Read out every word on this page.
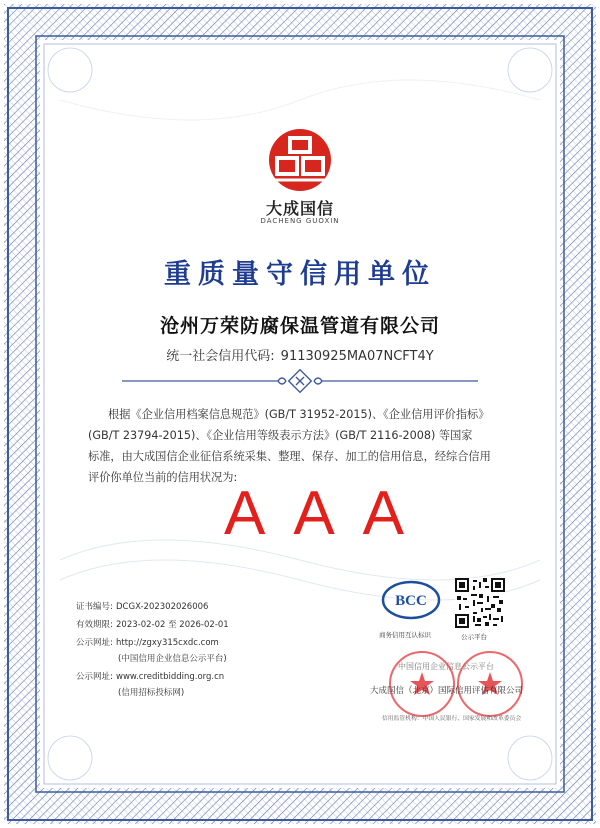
大成国信
DACHENG GUOXIN
重质量守信用单位
沧州万荣防腐保温管道有限公司
统一社会信用代码: 91130925MA07NCFT4Y
根据《企业信用档案信息规范》(GB/T 31952-2015)、《企业信用评价指标》
(GB/T 23794-2015)、《企业信用等级表示方法》(GB/T 2116-2008) 等国家
标准，由大成国信企业征信系统采集、整理、保存、加工的信用信息，经综合信用
评价你单位当前的信用状况为:
AAA
证书编号: DCGX-202302026006
有效期限: 2023-02-02 至 2026-02-01
公示网址: http://zgxy315cxdc.com
(中国信用企业信息公示平台)
公示网址: www.creditbidding.org.cn
(信用招标投标网)
BCC
商务信用互认标识	公示平台
中国信用企业信息公示平台
大成国信（北京）国际信用评估有限公司
信用监管机构：中国人民银行、国家发展和改革委员会
